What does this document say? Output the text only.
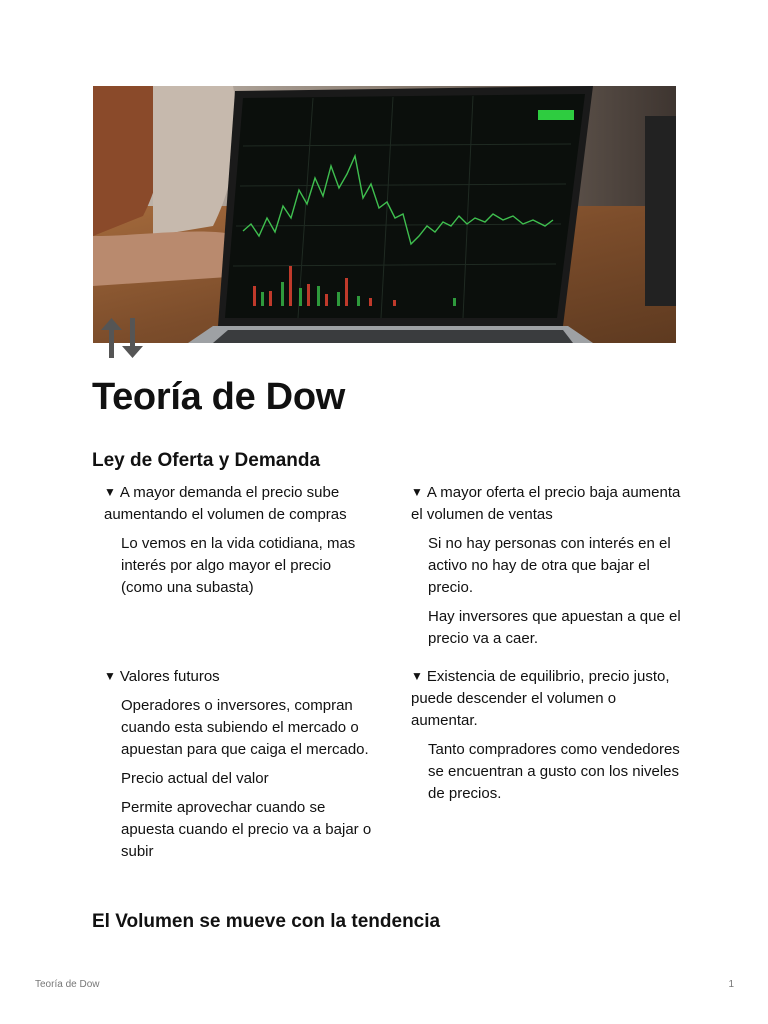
Teoría de Dow
Ley de Oferta y Demanda

▼ A mayor demanda el precio sube aumentando el volumen de compras

Lo vemos en la vida cotidiana, mas interés por algo mayor el precio (como una subasta)

▼ A mayor oferta el precio baja aumenta el volumen de ventas

Si no hay personas con interés en el activo no hay de otra que bajar el precio.

Hay inversores que apuestan a que el precio va a caer.

▼ Valores futuros

Operadores o inversores, compran cuando esta subiendo el mercado o apuestan para que caiga el mercado.

Precio actual del valor

Permite aprovechar cuando se apuesta cuando el precio va a bajar o subir

▼ Existencia de equilibrio, precio justo, puede descender el volumen o aumentar.

Tanto compradores como vendedores se encuentran a gusto con los niveles de precios.

El Volumen se mueve con la tendencia
Teoría de Dow	1
